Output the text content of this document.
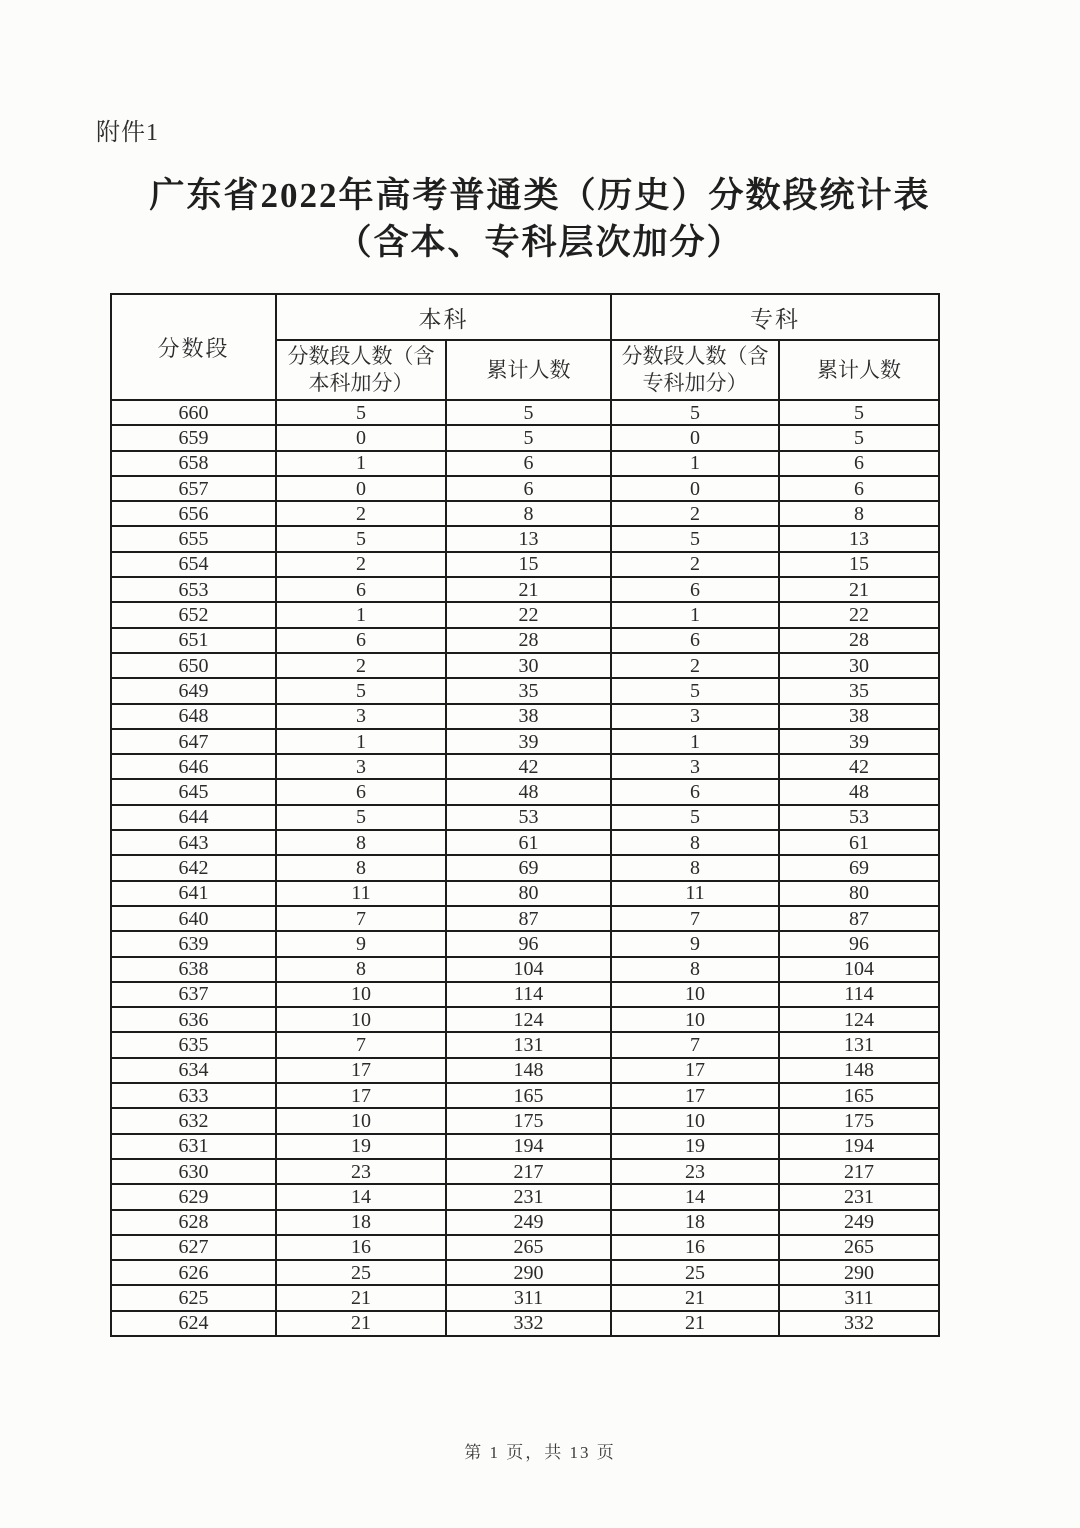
附件1
广东省2022年高考普通类（历史）分数段统计表
（含本、专科层次加分）
分数段	本科		专科	
	分数段人数（含本科加分）	累计人数	分数段人数（含专科加分）	累计人数
660	5	5	5	5
659	0	5	0	5
658	1	6	1	6
657	0	6	0	6
656	2	8	2	8
655	5	13	5	13
654	2	15	2	15
653	6	21	6	21
652	1	22	1	22
651	6	28	6	28
650	2	30	2	30
649	5	35	5	35
648	3	38	3	38
647	1	39	1	39
646	3	42	3	42
645	6	48	6	48
644	5	53	5	53
643	8	61	8	61
642	8	69	8	69
641	11	80	11	80
640	7	87	7	87
639	9	96	9	96
638	8	104	8	104
637	10	114	10	114
636	10	124	10	124
635	7	131	7	131
634	17	148	17	148
633	17	165	17	165
632	10	175	10	175
631	19	194	19	194
630	23	217	23	217
629	14	231	14	231
628	18	249	18	249
627	16	265	16	265
626	25	290	25	290
625	21	311	21	311
624	21	332	21	332
第 1 页，共 13 页
